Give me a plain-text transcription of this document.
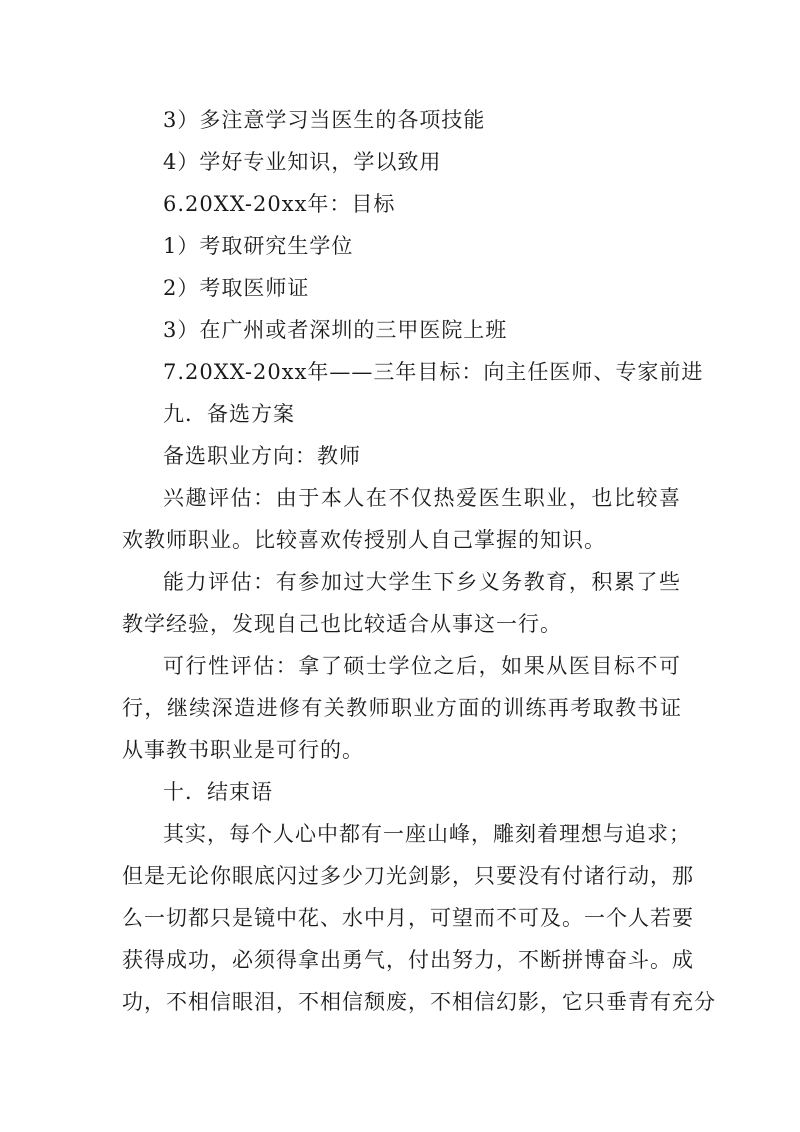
3）多注意学习当医生的各项技能
4）学好专业知识，学以致用
6.20XX-20xx年：目标
1）考取研究生学位
2）考取医师证
3）在广州或者深圳的三甲医院上班
7.20XX-20xx年——三年目标：向主任医师、专家前进
九．备选方案
备选职业方向：教师
兴趣评估：由于本人在不仅热爱医生职业，也比较喜
欢教师职业。比较喜欢传授别人自己掌握的知识。
能力评估：有参加过大学生下乡义务教育，积累了些
教学经验，发现自己也比较适合从事这一行。
可行性评估：拿了硕士学位之后，如果从医目标不可
行，继续深造进修有关教师职业方面的训练再考取教书证
从事教书职业是可行的。
十．结束语
其实，每个人心中都有一座山峰，雕刻着理想与追求；
但是无论你眼底闪过多少刀光剑影，只要没有付诸行动，那
么一切都只是镜中花、水中月，可望而不可及。一个人若要
获得成功，必须得拿出勇气，付出努力，不断拼博奋斗。成
功，不相信眼泪，不相信颓废，不相信幻影，它只垂青有充分
